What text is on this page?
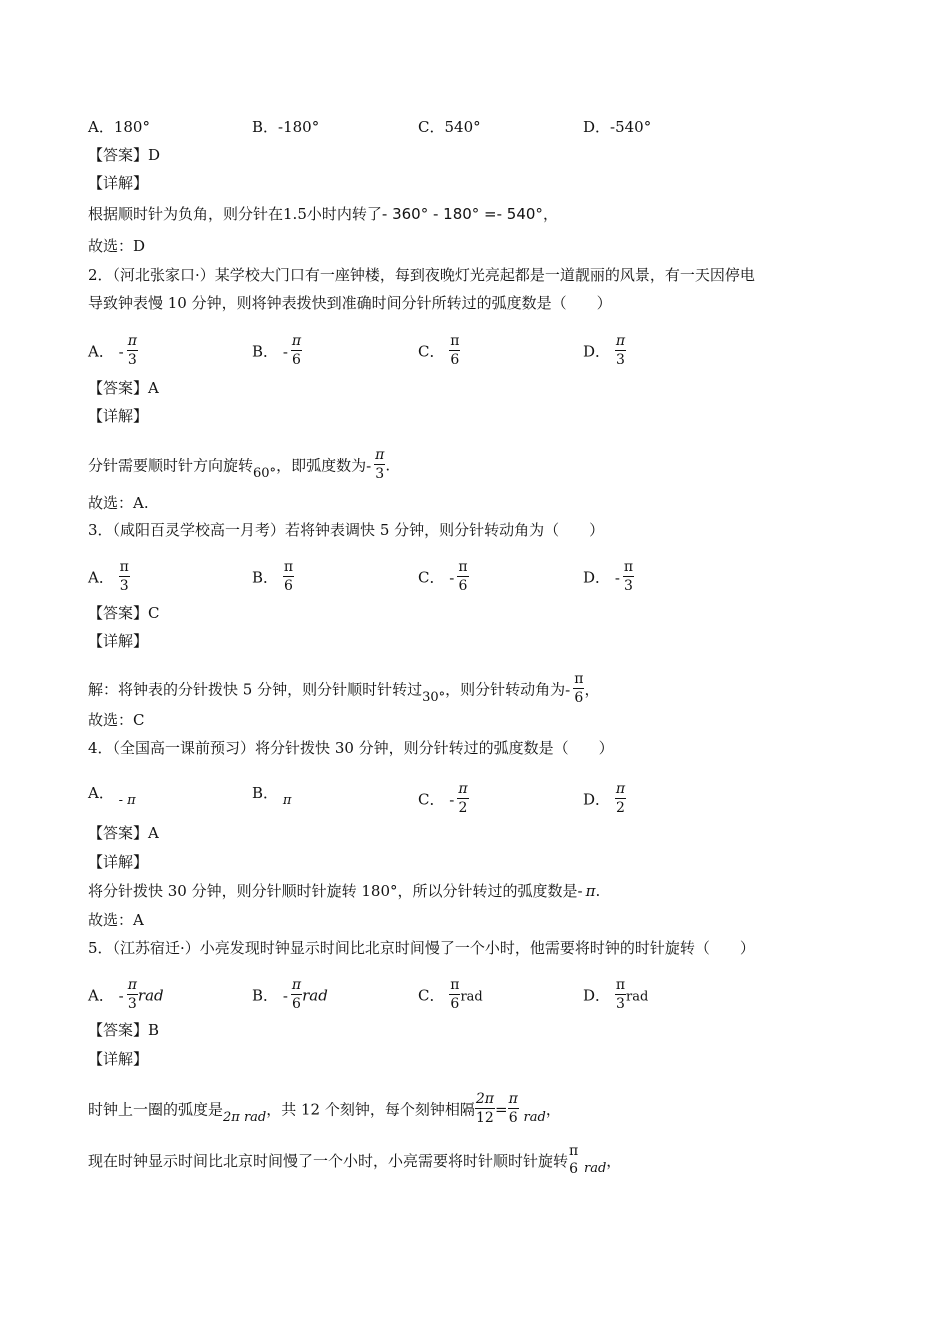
A．180°	B．-180°	C．540°	D．-540°
【答案】D
【详解】
根据顺时针为负角，则分针在1.5小时内转了- 360° - 180° =- 540°，
故选：D
2．（河北张家口·）某学校大门口有一座钟楼，每到夜晚灯光亮起都是一道靓丽的风景，有一天因停电
导致钟表慢 10 分钟，则将钟表拨快到准确时间分针所转过的弧度数是（　　）
A． - $\frac{\pi}{3}$	B． - $\frac{\pi}{6}$	C． $\frac{\pi}{6}$	D． $\frac{\pi}{3}$
【答案】A
【详解】
分针需要顺时针方向旋转60°，即弧度数为- $\frac{\pi}{3}$ .
故选：A.
3．（咸阳百灵学校高一月考）若将钟表调快 5 分钟，则分针转动角为（　　）
A． $\frac{\pi}{3}$	B． $\frac{\pi}{6}$	C． - $\frac{\pi}{6}$	D． - $\frac{\pi}{3}$
【答案】C
【详解】
解：将钟表的分针拨快 5 分钟，则分针顺时针转过30°，则分针转动角为- $\frac{\pi}{6}$ ，
故选：C
4．（全国高一课前预习）将分针拨快 30 分钟，则分针转过的弧度数是（　　）
A． - π	B． π	C． - $\frac{\pi}{2}$	D． $\frac{\pi}{2}$
【答案】A
【详解】
将分针拨快 30 分钟，则分针顺时针旋转 180°，所以分针转过的弧度数是- π.
故选：A
5．（江苏宿迁·）小亮发现时钟显示时间比北京时间慢了一个小时，他需要将时钟的时针旋转（　　）
A． - $\frac{\pi}{3}$ rad	B． - $\frac{\pi}{6}$ rad	C． $\frac{\pi}{6}$ rad	D． $\frac{\pi}{3}$ rad
【答案】B
【详解】
时钟上一圈的弧度是2π rad，共 12 个刻钟，每个刻钟相隔 $\frac{2\pi}{12} = \frac{\pi}{6}$ rad，
现在时钟显示时间比北京时间慢了一个小时，小亮需要将时针顺时针旋转
π
6 rad，
